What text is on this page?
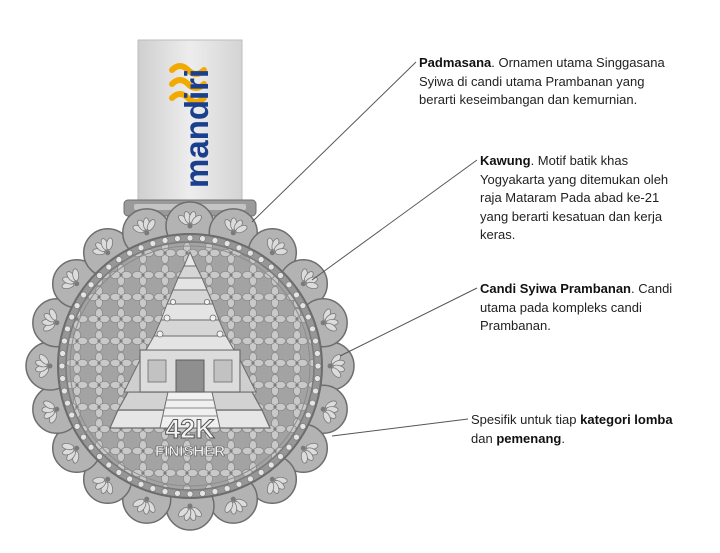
mandiri
42K
FINISHER
Padmasana. Ornamen utama Singgasana Syiwa di candi utama Prambanan yang berarti keseimbangan dan kemurnian.
Kawung. Motif batik khas Yogyakarta yang ditemukan oleh raja Mataram Pada abad ke-21 yang berarti kesatuan dan kerja keras.
Candi Syiwa Prambanan. Candi utama pada kompleks candi Prambanan.
Spesifik untuk tiap kategori lomba dan pemenang.
